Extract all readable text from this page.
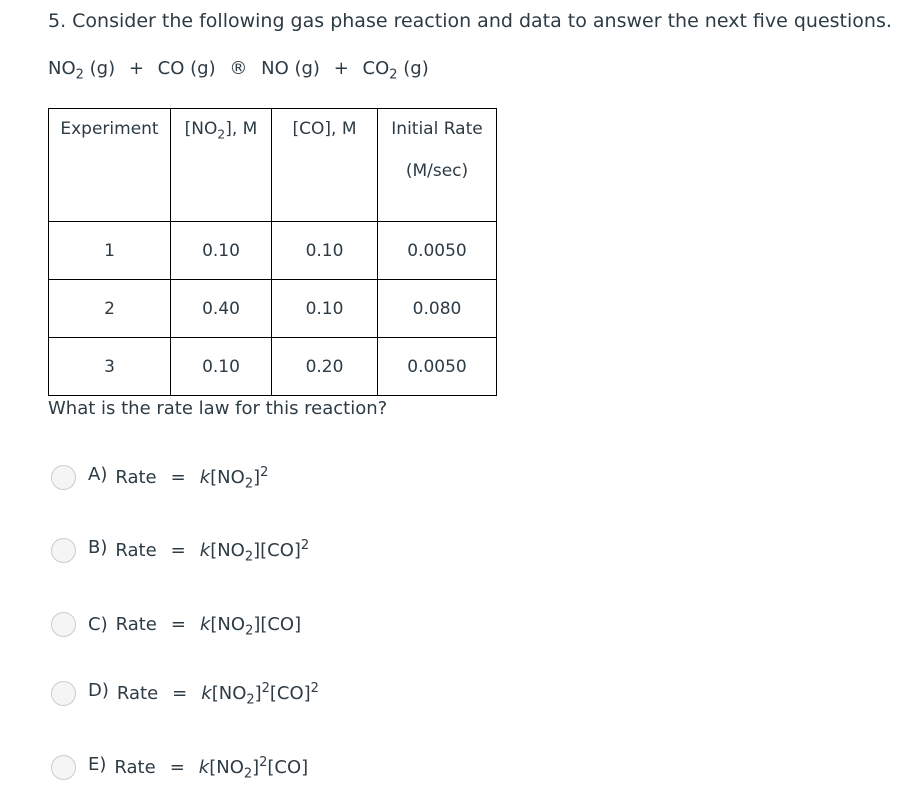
5. Consider the following gas phase reaction and data to answer the next five questions.
$NO_2$ (g) + CO (g) ® NO $(g) + CO_2$ (g)
Experiment	$[NO_2]$, M	[CO], M	Initial Rate
(M/sec)

1	0.10	0.10	0.0050
2	0.40	0.10	0.080
3	0.10	0.20	0.0050
What is the rate law for this reaction?
A) Rate = $k[NO_2]^2$
B) Rate = $k[NO_2][CO]^2$
C) Rate = $k[NO_2][CO]$
D) Rate = $k[NO_2]^2[CO]^2$
E) Rate = $k[NO_2]^2[CO]$
